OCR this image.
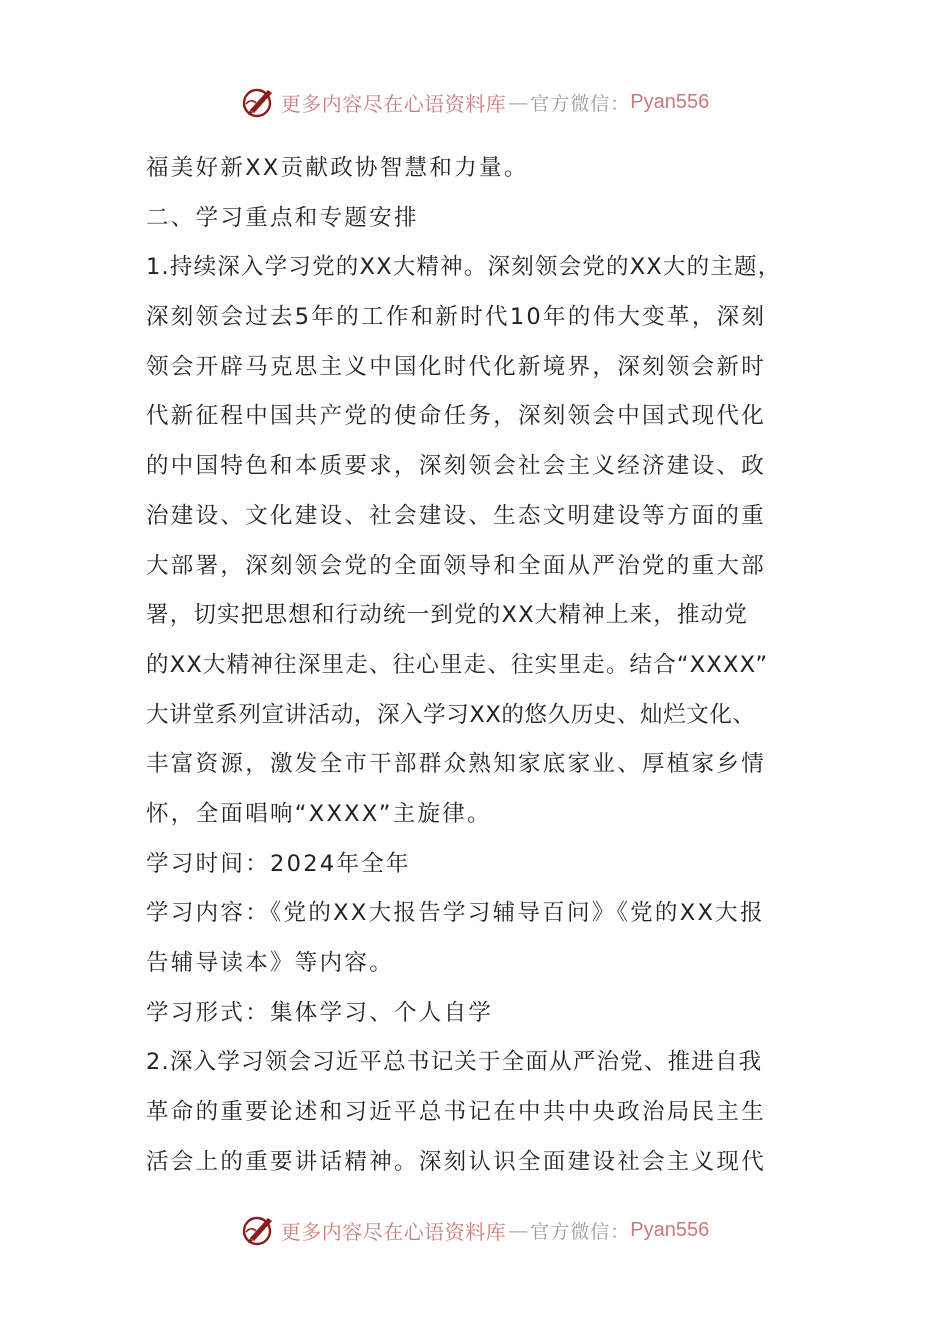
更多内容尽在心语资料库 — 官方微信： Pyan556
福美好新XX贡献政协智慧和力量。
二、学习重点和专题安排
1.持续深入学习党的XX大精神。深刻领会党的XX大的主题，
深刻领会过去5年的工作和新时代10年的伟大变革，深刻
领会开辟马克思主义中国化时代化新境界，深刻领会新时
代新征程中国共产党的使命任务，深刻领会中国式现代化
的中国特色和本质要求，深刻领会社会主义经济建设、政
治建设、文化建设、社会建设、生态文明建设等方面的重
大部署，深刻领会党的全面领导和全面从严治党的重大部
署，切实把思想和行动统一到党的XX大精神上来，推动党
的XX大精神往深里走、往心里走、往实里走。结合“XXXX”
大讲堂系列宣讲活动，深入学习XX的悠久历史、灿烂文化、
丰富资源，激发全市干部群众熟知家底家业、厚植家乡情
怀，全面唱响“XXXX”主旋律。
学习时间：2024年全年
学习内容：《党的XX大报告学习辅导百问》《党的XX大报
告辅导读本》等内容。
学习形式：集体学习、个人自学
2.深入学习领会习近平总书记关于全面从严治党、推进自我
革命的重要论述和习近平总书记在中共中央政治局民主生
活会上的重要讲话精神。深刻认识全面建设社会主义现代
更多内容尽在心语资料库 — 官方微信： Pyan556
